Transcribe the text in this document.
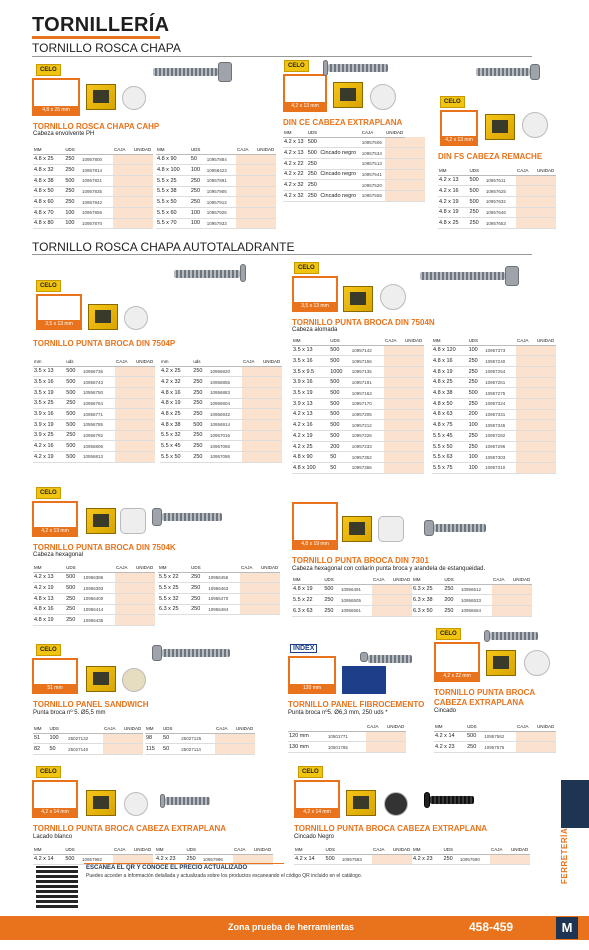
TORNILLERÍA
TORNILLO ROSCA CHAPA
CELO
4,8 x 25 mm
TORNILLO ROSCA CHAPA CAHP
Cabeza envolvente PH
MM	UDS		CAJA	UNIDAD
4.8 x 25	250	10957800		
4.8 x 32	250	10957814		
4.8 x 38	500	10957821		
4.8 x 50	250	10957835		
4.8 x 60	250	10957842		
4.8 x 70	100	10957856		
4.8 x 80	100	10957870		
MM	UDS		CAJA	UNIDAD
4.8 x 90	50	10957884		
4.8 x 100	100	10958423		
5.5 x 25	250	10957891		
5.5 x 38	250	10957905		
5.5 x 50	250	10957912		
5.5 x 60	100	10957926		
5.5 x 70	100	10957933		
CELO
4,2 x 13 mm
DIN CE CABEZA EXTRAPLANA
MM	UDS		CAJA	UNIDAD	
4.2 x 13	500		10957506		
4.2 x 13	500	Cincado negro	10957534		
4.2 x 22	250		10957513		
4.2 x 22	250	Cincado negro	10957541		
4.2 x 32	250		10957520		
4.2 x 32	250	Cincado negro	10957555		
CELO
4,2 x 13 mm
DIN FS CABEZA REMACHE
MM	UDS		CAJA	UNIDAD
4.2 x 13	500	10957611		
4.2 x 16	500	10957625		
4.2 x 19	500	10957632		
4.8 x 19	250	10957646		
4.8 x 25	250	10957653		
TORNILLO ROSCA CHAPA AUTOTALADRANTE
CELO
3,5 x 13 mm
TORNILLO PUNTA BROCA DIN 7504P
mm	uds		CAJA	UNIDAD
3.5 x 13	500	10956736		
3.5 x 16	500	10956743		
3.5 x 19	500	10956750		
3.5 x 25	250	10956764		
3.9 x 16	500	10956771		
3.9 x 19	500	10956785		
3.9 x 25	250	10956792		
4.2 x 16	500	10956806		
4.2 x 19	500	10956813		
mm	uds		CAJA	UNIDAD
4.2 x 25	250	10956820		
4.2 x 32	250	10956855		
4.8 x 16	250	10956883		
4.8 x 19	250	10956904		
4.8 x 25	250	10956932		
4.8 x 38	500	10956914		
5.5 x 32	250	10957016		
5.5 x 45	250	10957065		
5.5 x 50	250	10957086		
CELO
3,5 x 13 mm
TORNILLO PUNTA BROCA DIN 7504N
Cabeza alomada
MM	UDS		CAJA	UNIDAD
3.5 x 13	500	10957142		
3.5 x 16	500	10957156		
3.5 x 9.5	1000	10957135		
3.9 x 16	500	10957191		
3.5 x 19	500	10957163		
3.9 x 13	500	10957170		
4.2 x 13	500	10957205		
4.2 x 16	500	10957212		
4.2 x 19	500	10957226		
4.2 x 25	200	10957233		
4.8 x 90	50	10957352		
4.8 x 100	50	10957366		
MM	UDS		CAJA	UNIDAD
4.8 x 120	100	10957373		
4.8 x 16	250	10957240		
4.8 x 19	250	10957254		
4.8 x 25	250	10957261		
4.8 x 38	500	10957275		
4.8 x 50	250	10957324		
4.8 x 63	200	10957331		
4.8 x 75	100	10957345		
5.5 x 45	250	10957282		
5.5 x 50	250	10957296		
5.5 x 63	100	10957303		
5.5 x 75	100	10957310		
CELO
4,2 x 13 mm
TORNILLO PUNTA BROCA DIN 7504K
Cabeza hexagonal
MM	UDS		CAJA	UNIDAD
4.2 x 13	500	10956386		
4.2 x 19	500	10956393		
4.8 x 13	250	10956400		
4.8 x 16	250	10956414		
4.8 x 19	250	10956435		
MM	UDS		CAJA	UNIDAD
5.5 x 22	250	10956456		
5.5 x 25	250	10956463		
5.5 x 32	250	10956470		
6.3 x 25	250	10956484		
4,8 x 19 mm
TORNILLO PUNTA BROCA DIN 7301
Cabeza hexagonal con collarín punta broca y arandela de estanqueidad.
MM	UDS		CAJA	UNIDAD
4.8 x 19	500	10956491		
5.5 x 22	250	10956505		
6.3 x 63	250	10956561		
MM	UDS		CAJA	UNIDAD
6.3 x 25	250	10956512		
6.3 x 38	200	10956533		
6.3 x 50	250	10956554		
CELO
51 mm
TORNILLO PANEL SANDWICH
Punta broca nº 5. Ø5,5 mm
MM	UDS		CAJA	UNIDAD
51	100	25027132		
82	50	25027140		
MM	UDS		CAJA	UNIDAD
98	50	25027125		
115	50	25027114		
INDEX
120 mm
TORNILLO PANEL FIBROCEMENTO
Punta broca nº5. Ø6,3 mm, 250 uds *
		CAJA	UNIDAD
120 mm	10501771		
130 mm	10501785		
CELO
4,2 x 22 mm
TORNILLO PUNTA BROCA
CABEZA EXTRAPLANA
Cincado
MM	UDS		CAJA	UNIDAD
4.2 x 14	500	10957562		
4.2 x 23	250	10957576		
CELO
4,2 x 14 mm
TORNILLO PUNTA BROCA CABEZA EXTRAPLANA
Lacado blanco
MM	UDS		CAJA	UNIDAD
4.2 x 14	500	10957982		
MM	UDS		CAJA	UNIDAD
4.2 x 23	250	10957996		
CELO
4,2 x 14 mm
TORNILLO PUNTA BROCA CABEZA EXTRAPLANA
Cincado Negro
MM	UDS		CAJA	UNIDAD
4.2 x 14	500	10957583		
MM	UDS		CAJA	UNIDAD
4.2 x 23	250	10957590			FERRETERÍA
ESCANEA EL QR Y CONOCE EL PRECIO ACTUALIZADO
Puedes acceder a información detallada y actualizada sobre los productos escaneando el código QR incluido en el catálogo.
Zona prueba de herramientas	458-459	M
